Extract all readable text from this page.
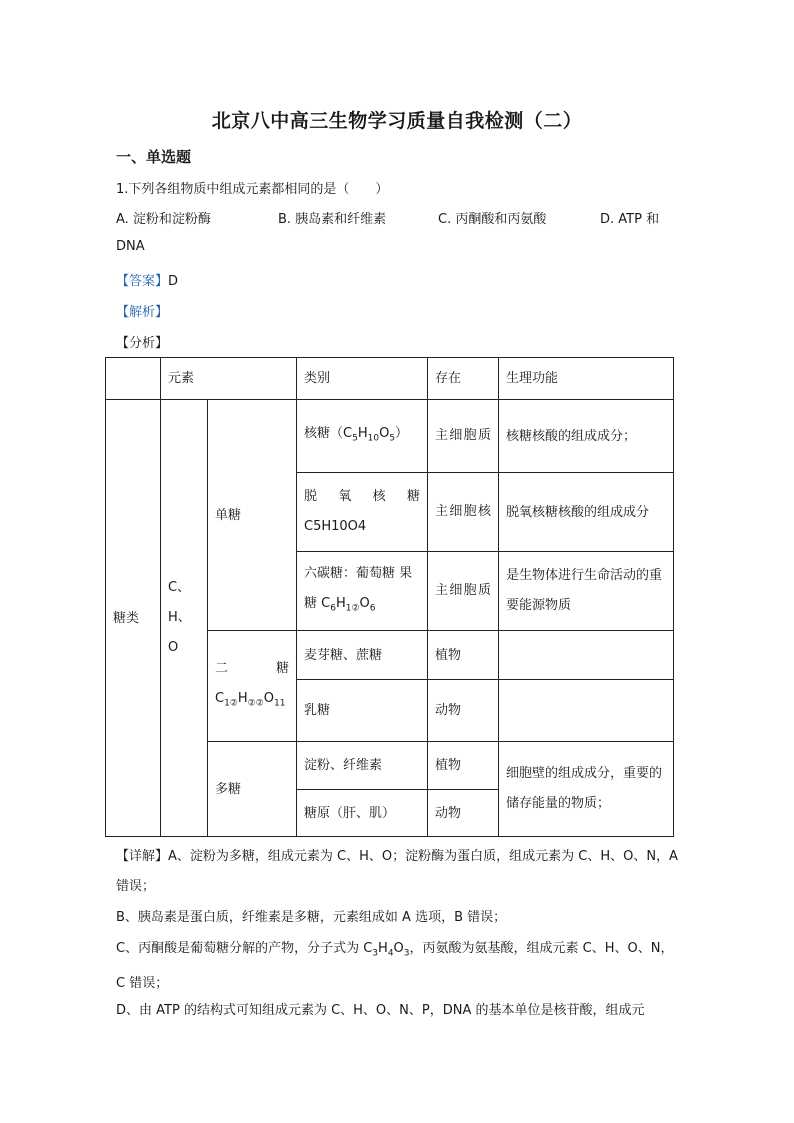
北京八中高三生物学习质量自我检测（二）
一、单选题
1.下列各组物质中组成元素都相同的是（　　）
A. 淀粉和淀粉酶	B. 胰岛素和纤维素	C. 丙酮酸和丙氨酸	D. ATP 和
DNA
【答案】D
【解析】
【分析】
	元素		类别	存在	生理功能
糖类	C、H、O	单糖	核糖$(C_5H_{10}O_5)$	主细胞质	核糖核酸的组成成分；

			脱氧核糖
C5H10O4	主细胞核	脱氧核糖核酸的组成成分

			六碳糖：葡萄糖 果
糖 $C_6H_{1②}O_6$	主细胞质	是生物体进行生命活动的重要能源物质

		二　糖
$C_{1②}H_{②②}O_{11}$	麦芽糖、蔗糖	植物	
			乳糖	动物	
		多糖	淀粉、纤维素	植物	细胞壁的组成成分，重要的储存能量的物质；
			糖原（肝、肌）	动物	
【详解】A、淀粉为多糖，组成元素为 C、H、O；淀粉酶为蛋白质，组成元素为 C、H、O、N，A 错误；
B、胰岛素是蛋白质，纤维素是多糖，元素组成如 A 选项，B 错误；
C、丙酮酸是葡萄糖分解的产物，分子式为 $C_3H_4O_3$，丙氨酸为氨基酸，组成元素 C、H、O、N，C 错误；
D、由 ATP 的结构式可知组成元素为 C、H、O、N、P，DNA 的基本单位是核苷酸，组成元
